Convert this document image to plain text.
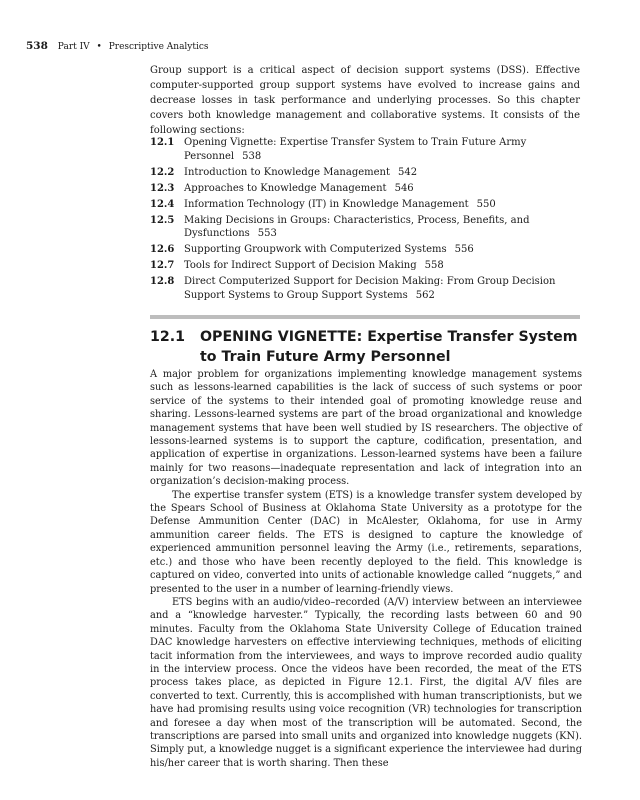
538 Part IV • Prescriptive Analytics

Group support is a critical aspect of decision support systems (DSS). Effective computer-supported group support systems have evolved to increase gains and decrease losses in task performance and underlying processes. So this chapter covers both knowledge management and collaborative systems. It consists of the following sections:

12.1 Opening Vignette: Expertise Transfer System to Train Future Army Personnel 538
12.2 Introduction to Knowledge Management 542
12.3 Approaches to Knowledge Management 546
12.4 Information Technology (IT) in Knowledge Management 550
12.5 Making Decisions in Groups: Characteristics, Process, Benefits, and Dysfunctions 553
12.6 Supporting Groupwork with Computerized Systems 556
12.7 Tools for Indirect Support of Decision Making 558
12.8 Direct Computerized Support for Decision Making: From Group Decision Support Systems to Group Support Systems 562
12.1	OPENING VIGNETTE: Expertise Transfer System to Train Future Army Personnel

A major problem for organizations implementing knowledge management systems such as lessons-learned capabilities is the lack of success of such systems or poor service of the systems to their intended goal of promoting knowledge reuse and sharing. Lessons-learned systems are part of the broad organizational and knowledge management systems that have been well studied by IS researchers. The objective of lessons-learned systems is to support the capture, codification, presentation, and application of expertise in organizations. Lesson-learned systems have been a failure mainly for two reasons—inadequate representation and lack of integration into an organization’s decision-making process.

The expertise transfer system (ETS) is a knowledge transfer system developed by the Spears School of Business at Oklahoma State University as a prototype for the Defense Ammunition Center (DAC) in McAlester, Oklahoma, for use in Army ammunition career fields. The ETS is designed to capture the knowledge of experienced ammunition personnel leaving the Army (i.e., retirements, separations, etc.) and those who have been recently deployed to the field. This knowledge is captured on video, converted into units of actionable knowledge called “nuggets,” and presented to the user in a number of learning-friendly views.

ETS begins with an audio/video–recorded (A/V) interview between an interviewee and a “knowledge harvester.” Typically, the recording lasts between 60 and 90 minutes. Faculty from the Oklahoma State University College of Education trained DAC knowledge harvesters on effective interviewing techniques, methods of eliciting tacit information from the interviewees, and ways to improve recorded audio quality in the interview process. Once the videos have been recorded, the meat of the ETS process takes place, as depicted in Figure 12.1. First, the digital A/V files are converted to text. Currently, this is accomplished with human transcriptionists, but we have had promising results using voice recognition (VR) technologies for transcription and foresee a day when most of the transcription will be automated. Second, the transcriptions are parsed into small units and organized into knowledge nuggets (KN). Simply put, a knowledge nugget is a significant experience the interviewee had during his/her career that is worth sharing. Then these
